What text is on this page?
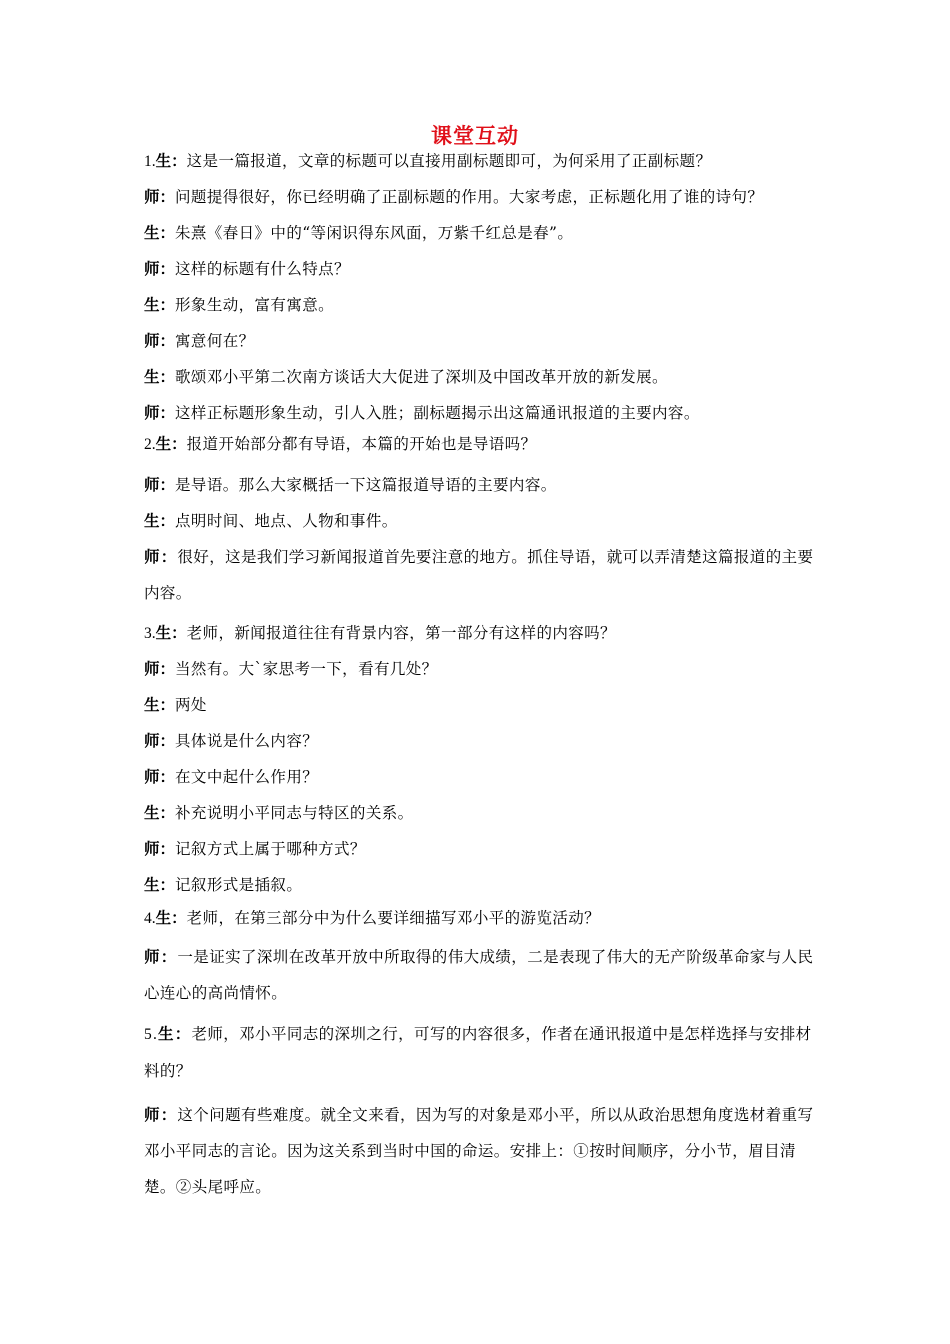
课堂互动
1.生：这是一篇报道，文章的标题可以直接用副标题即可，为何采用了正副标题？
师：问题提得很好，你已经明确了正副标题的作用。大家考虑，正标题化用了谁的诗句？
生：朱熹《春日》中的“等闲识得东风面，万紫千红总是春”。
师：这样的标题有什么特点？
生：形象生动，富有寓意。
师：寓意何在？
生：歌颂邓小平第二次南方谈话大大促进了深圳及中国改革开放的新发展。
师：这样正标题形象生动，引人入胜；副标题揭示出这篇通讯报道的主要内容。
2.生：报道开始部分都有导语，本篇的开始也是导语吗？
师：是导语。那么大家概括一下这篇报道导语的主要内容。
生：点明时间、地点、人物和事件。
师：很好，这是我们学习新闻报道首先要注意的地方。抓住导语，就可以弄清楚这篇报道的主要内容。
3.生：老师，新闻报道往往有背景内容，第一部分有这样的内容吗？
师：当然有。大`家思考一下，看有几处？
生：两处
师：具体说是什么内容？
师：在文中起什么作用？
生：补充说明小平同志与特区的关系。
师：记叙方式上属于哪种方式？
生：记叙形式是插叙。
4.生：老师，在第三部分中为什么要详细描写邓小平的游览活动？
师：一是证实了深圳在改革开放中所取得的伟大成绩，二是表现了伟大的无产阶级革命家与人民心连心的高尚情怀。
5.生：老师，邓小平同志的深圳之行，可写的内容很多，作者在通讯报道中是怎样选择与安排材料的？
师：这个问题有些难度。就全文来看，因为写的对象是邓小平，所以从政治思想角度选材着重写邓小平同志的言论。因为这关系到当时中国的命运。安排上：①按时间顺序，分小节，眉目清楚。②头尾呼应。
